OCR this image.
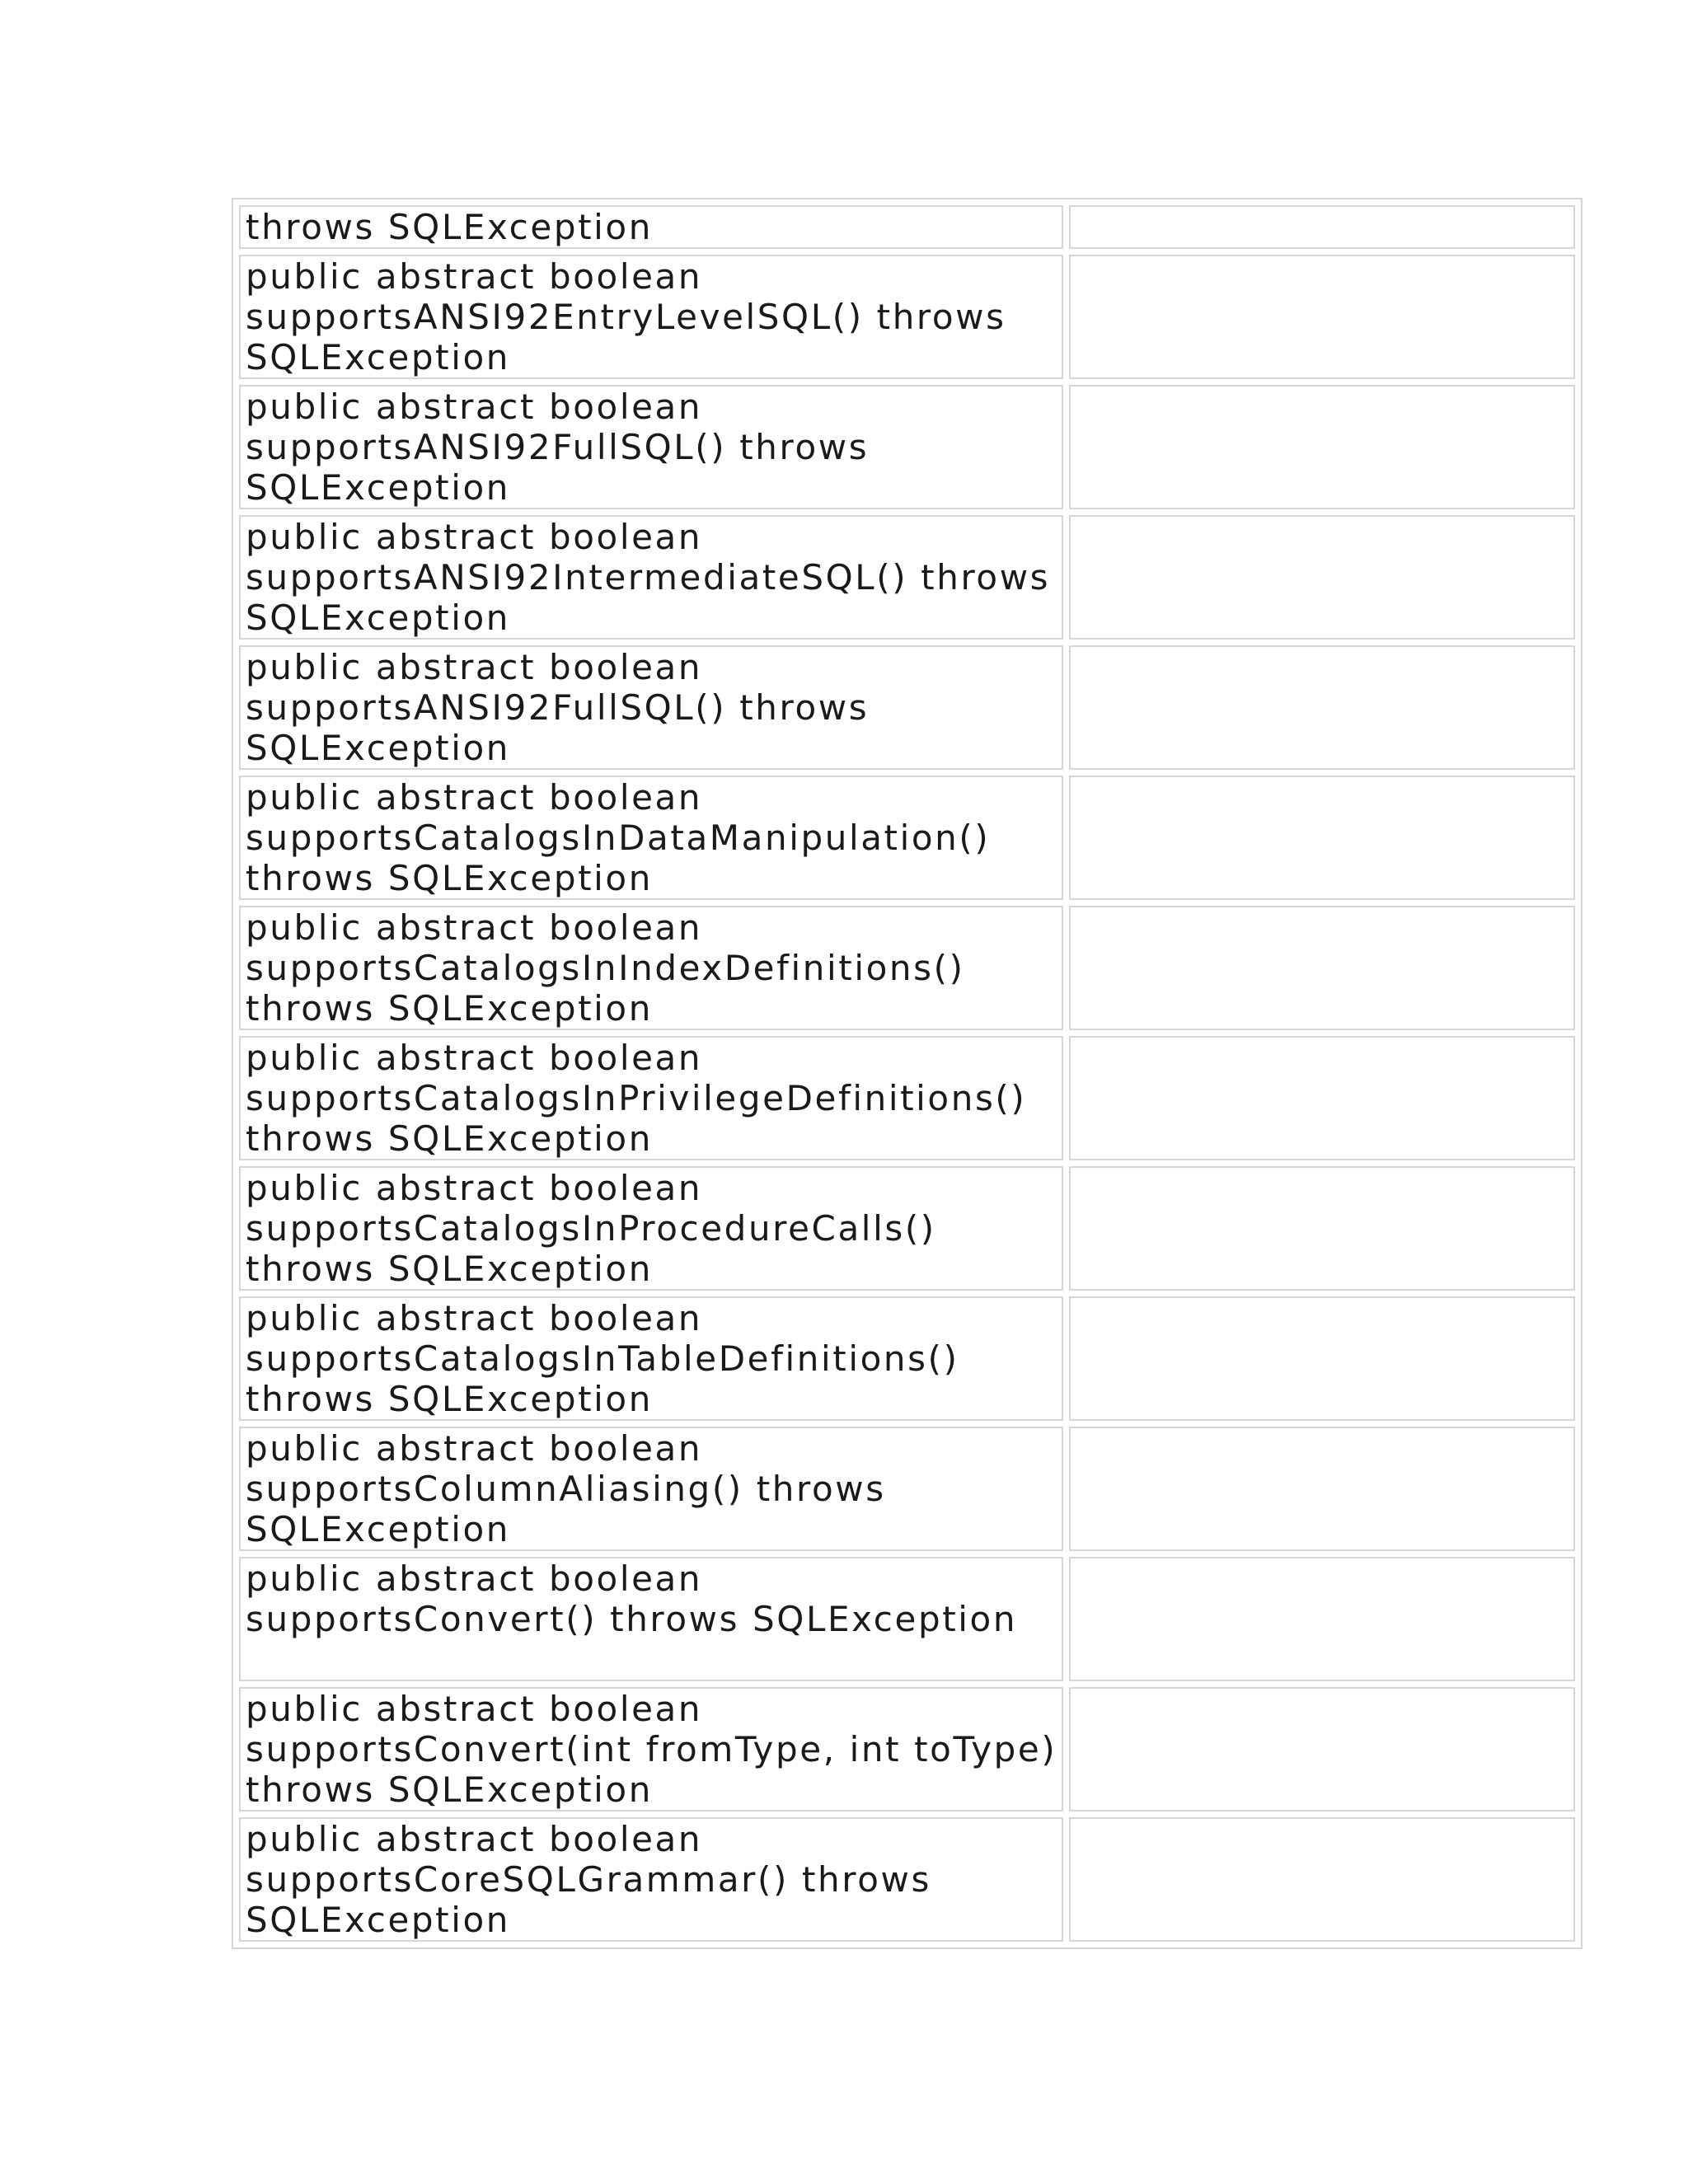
throws SQLException	
public abstract boolean supportsANSI92EntryLevelSQL() throws SQLException	
public abstract boolean supportsANSI92FullSQL() throws SQLException	
public abstract boolean supportsANSI92IntermediateSQL() throws SQLException	
public abstract boolean supportsANSI92FullSQL() throws SQLException	
public abstract boolean supportsCatalogsInDataManipulation() throws SQLException	
public abstract boolean supportsCatalogsInIndexDefinitions() throws SQLException	
public abstract boolean supportsCatalogsInPrivilegeDefinitions() throws SQLException	
public abstract boolean supportsCatalogsInProcedureCalls() throws SQLException	
public abstract boolean supportsCatalogsInTableDefinitions() throws SQLException	
public abstract boolean supportsColumnAliasing() throws SQLException	
public abstract boolean supportsConvert() throws SQLException	
public abstract boolean supportsConvert(int fromType, int toType) throws SQLException	
public abstract boolean supportsCoreSQLGrammar() throws SQLException	
